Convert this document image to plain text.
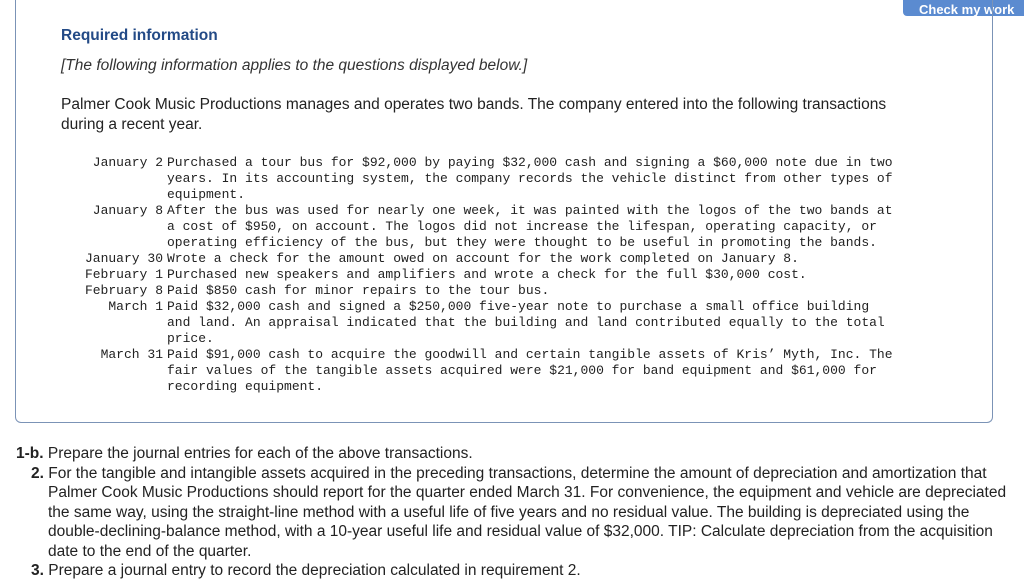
Check my work
Required information
[The following information applies to the questions displayed below.]
Palmer Cook Music Productions manages and operates two bands. The company entered into the following transactions during a recent year.
January 2 Purchased a tour bus for $92,000 by paying $32,000 cash and signing a $60,000 note due in two
years. In its accounting system, the company records the vehicle distinct from other types of
equipment.
January 8 After the bus was used for nearly one week, it was painted with the logos of the two bands at
a cost of $950, on account. The logos did not increase the lifespan, operating capacity, or
operating efficiency of the bus, but they were thought to be useful in promoting the bands.
January 30 Wrote a check for the amount owed on account for the work completed on January 8.
February 1 Purchased new speakers and amplifiers and wrote a check for the full $30,000 cost.
February 8 Paid $850 cash for minor repairs to the tour bus.
March 1 Paid $32,000 cash and signed a $250,000 five-year note to purchase a small office building
and land. An appraisal indicated that the building and land contributed equally to the total
price.
March 31 Paid $91,000 cash to acquire the goodwill and certain tangible assets of Kris’ Myth, Inc. The
fair values of the tangible assets acquired were $21,000 for band equipment and $61,000 for
recording equipment.

1-b. Prepare the journal entries for each of the above transactions.

2. For the tangible and intangible assets acquired in the preceding transactions, determine the amount of depreciation and amortization that Palmer Cook Music Productions should report for the quarter ended March 31. For convenience, the equipment and vehicle are depreciated the same way, using the straight-line method with a useful life of five years and no residual value. The building is depreciated using the double-declining-balance method, with a 10-year useful life and residual value of $32,000. TIP: Calculate depreciation from the acquisition date to the end of the quarter.

3. Prepare a journal entry to record the depreciation calculated in requirement 2.
